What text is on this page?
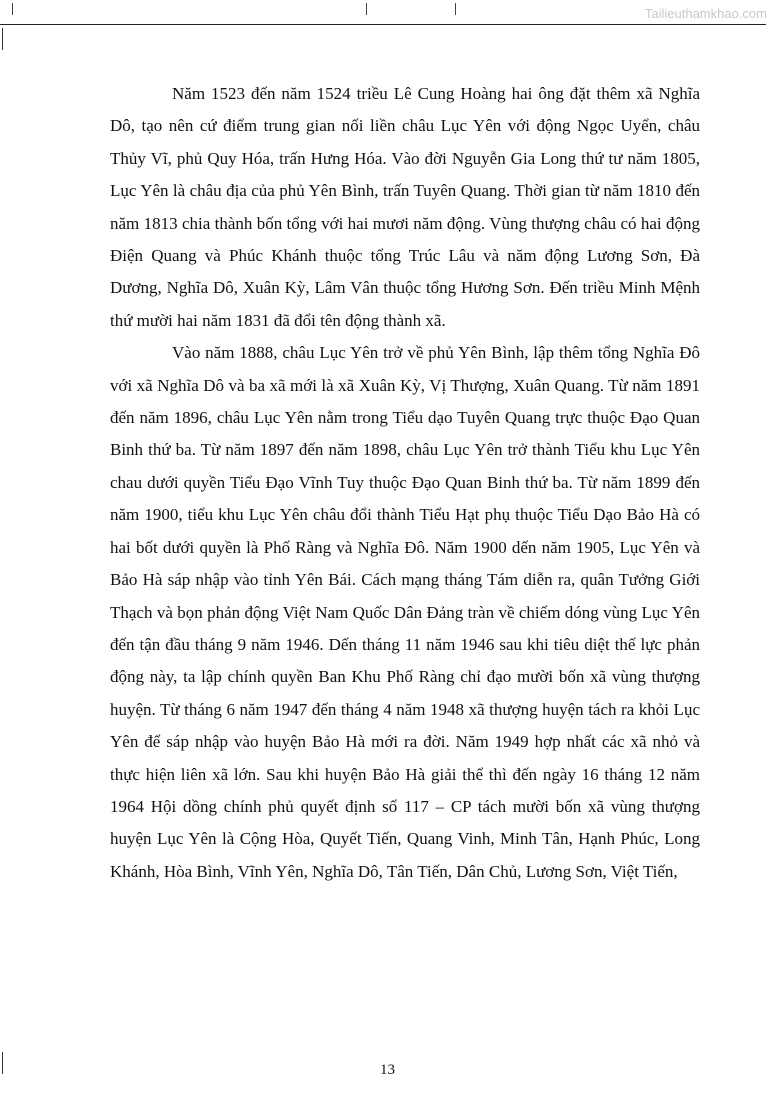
Tailieuthamkhao.com

Năm 1523 đến năm 1524 triều Lê Cung Hoàng hai ông đặt thêm xã Nghĩa Dô, tạo nên cứ điểm trung gian nối liền châu Lục Yên với động Ngọc Uyển, châu Thủy Vĩ, phủ Quy Hóa, trấn Hưng Hóa. Vào đời Nguyễn Gia Long thứ tư năm 1805, Lục Yên là châu địa của phủ Yên Bình, trấn Tuyên Quang. Thời gian từ năm 1810 đến năm 1813 chia thành bốn tổng với hai mươi năm động. Vùng thượng châu có hai động Điện Quang và Phúc Khánh thuộc tổng Trúc Lâu và năm động Lương Sơn, Đà Dương, Nghĩa Dô, Xuân Kỳ, Lâm Vân thuộc tổng Hương Sơn. Đến triều Minh Mệnh thứ mười hai năm 1831 đã đổi tên động thành xã.

Vào năm 1888, châu Lục Yên trở về phủ Yên Bình, lập thêm tổng Nghĩa Đô với xã Nghĩa Dô và ba xã mới là xã Xuân Kỳ, Vị Thượng, Xuân Quang. Từ năm 1891 đến năm 1896, châu Lục Yên nằm trong Tiểu dạo Tuyên Quang trực thuộc Đạo Quan Binh thứ ba. Từ năm 1897 đến năm 1898, châu Lục Yên trở thành Tiểu khu Lục Yên chau dưới quyền Tiểu Đạo Vĩnh Tuy thuộc Đạo Quan Binh thứ ba. Từ năm 1899 đến năm 1900, tiểu khu Lục Yên châu đổi thành Tiểu Hạt phụ thuộc Tiểu Dạo Bảo Hà có hai bốt dưới quyền là Phố Ràng và Nghĩa Đô. Năm 1900 dến năm 1905, Lục Yên và Bảo Hà sáp nhập vào tỉnh Yên Bái. Cách mạng tháng Tám diễn ra, quân Tưởng Giới Thạch và bọn phản động Việt Nam Quốc Dân Đảng tràn về chiếm dóng vùng Lục Yên đến tận đầu tháng 9 năm 1946. Dến tháng 11 năm 1946 sau khi tiêu diệt thế lực phản động này, ta lập chính quyền Ban Khu Phố Ràng chỉ đạo mười bốn xã vùng thượng huyện. Từ tháng 6 năm 1947 đến tháng 4 năm 1948 xã thượng huyện tách ra khỏi Lục Yên để sáp nhập vào huyện Bảo Hà mới ra đời. Năm 1949 hợp nhất các xã nhỏ và thực hiện liên xã lớn. Sau khi huyện Bảo Hà giải thể thì đến ngày 16 tháng 12 năm 1964 Hội dồng chính phủ quyết định số 117 – CP tách mười bốn xã vùng thượng huyện Lục Yên là Cộng Hòa, Quyết Tiến, Quang Vinh, Minh Tân, Hạnh Phúc, Long Khánh, Hòa Bình, Vĩnh Yên, Nghĩa Dô, Tân Tiến, Dân Chủ, Lương Sơn, Việt Tiến,

13
